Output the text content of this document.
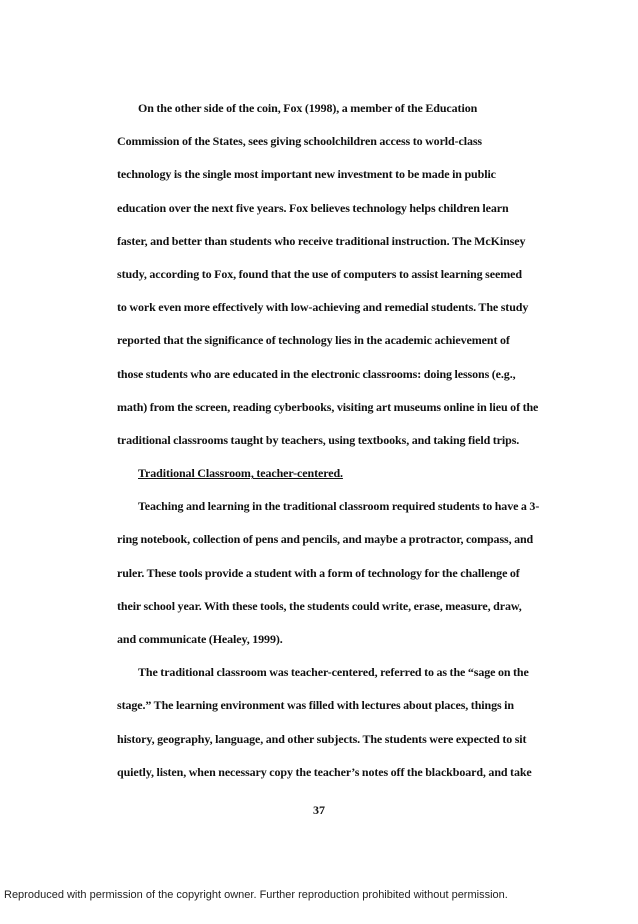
On the other side of the coin, Fox (1998), a member of the Education
Commission of the States, sees giving schoolchildren access to world-class
technology is the single most important new investment to be made in public
education over the next five years. Fox believes technology helps children learn
faster, and better than students who receive traditional instruction. The McKinsey
study, according to Fox, found that the use of computers to assist learning seemed
to work even more effectively with low-achieving and remedial students. The study
reported that the significance of technology lies in the academic achievement of
those students who are educated in the electronic classrooms: doing lessons (e.g.,
math) from the screen, reading cyberbooks, visiting art museums online in lieu of the
traditional classrooms taught by teachers, using textbooks, and taking field trips.
Traditional Classroom, teacher-centered.
Teaching and learning in the traditional classroom required students to have a 3-
ring notebook, collection of pens and pencils, and maybe a protractor, compass, and
ruler. These tools provide a student with a form of technology for the challenge of
their school year. With these tools, the students could write, erase, measure, draw,
and communicate (Healey, 1999).
The traditional classroom was teacher-centered, referred to as the “sage on the
stage.” The learning environment was filled with lectures about places, things in
history, geography, language, and other subjects. The students were expected to sit
quietly, listen, when necessary copy the teacher’s notes off the blackboard, and take
37
Reproduced with permission of the copyright owner. Further reproduction prohibited without permission.
